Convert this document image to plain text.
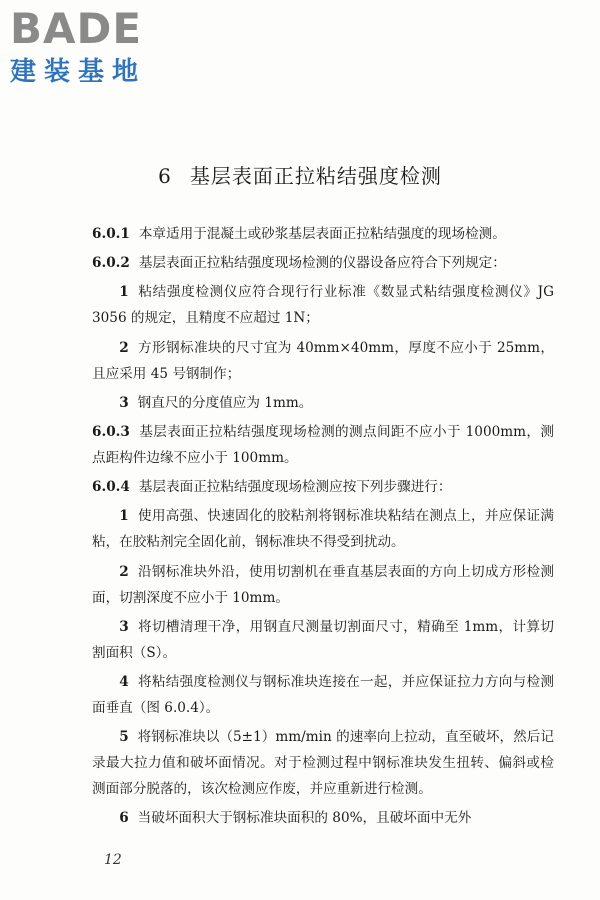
BADE
建装基地
6 基层表面正拉粘结强度检测

6.0.1 本章适用于混凝土或砂浆基层表面正拉粘结强度的现场检测。

6.0.2 基层表面正拉粘结强度现场检测的仪器设备应符合下列规定：

1 粘结强度检测仪应符合现行行业标准《数显式粘结强度检测仪》JG 3056 的规定，且精度不应超过 1N；

2 方形钢标准块的尺寸宜为 40mm×40mm，厚度不应小于 25mm，且应采用 45 号钢制作；

3 钢直尺的分度值应为 1mm。

6.0.3 基层表面正拉粘结强度现场检测的测点间距不应小于 1000mm，测点距构件边缘不应小于 100mm。

6.0.4 基层表面正拉粘结强度现场检测应按下列步骤进行：

1 使用高强、快速固化的胶粘剂将钢标准块粘结在测点上，并应保证满粘，在胶粘剂完全固化前，钢标准块不得受到扰动。

2 沿钢标准块外沿，使用切割机在垂直基层表面的方向上切成方形检测面，切割深度不应小于 10mm。

3 将切槽清理干净，用钢直尺测量切割面尺寸，精确至 1mm，计算切割面积（S）。

4 将粘结强度检测仪与钢标准块连接在一起，并应保证拉力方向与检测面垂直（图 6.0.4）。

5 将钢标准块以（5±1）mm/min 的速率向上拉动，直至破坏，然后记录最大拉力值和破坏面情况。对于检测过程中钢标准块发生扭转、偏斜或检测面部分脱落的，该次检测应作废，并应重新进行检测。

6 当破坏面积大于钢标准块面积的 80%，且破坏面中无外

12
